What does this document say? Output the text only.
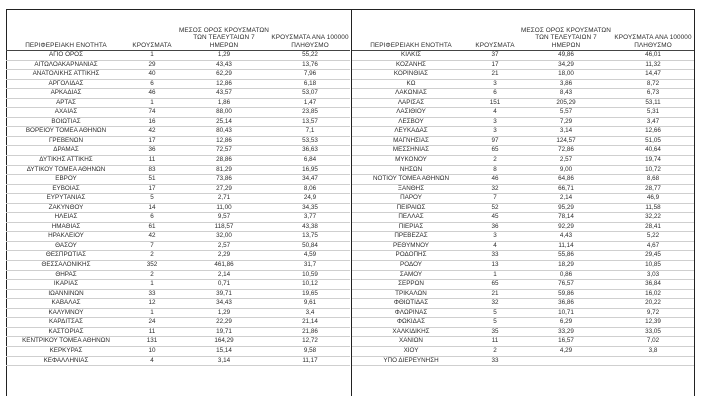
ΠΕΡΙΦΕΡΕΙΑΚΗ ΕΝΟΤΗΤΑ	ΚΡΟΥΣΜΑΤΑ
ΜΕΣΟΣ ΟΡΟΣ ΚΡΟΥΣΜΑΤΩΝ
ΤΩΝ ΤΕΛΕΥΤΑΙΩΝ 7
ΗΜΕΡΩΝ
ΚΡΟΥΣΜΑΤΑ ΑΝΑ 100000
ΠΛΗΘΥΣΜΟ
ΑΓΙΟ ΟΡΟΣ	1	1,29	55,22
ΑΙΤΩΛΟΑΚΑΡΝΑΝΙΑΣ	29	43,43	13,76
ΑΝΑΤΟΛΙΚΗΣ ΑΤΤΙΚΗΣ	40	62,29	7,96
ΑΡΓΟΛΙΔΑΣ	6	12,86	6,18
ΑΡΚΑΔΙΑΣ	46	43,57	53,07
ΑΡΤΑΣ	1	1,86	1,47
ΑΧΑΪΑΣ	74	88,00	23,85
ΒΟΙΩΤΙΑΣ	16	25,14	13,57
ΒΟΡΕΙΟΥ ΤΟΜΕΑ ΑΘΗΝΩΝ	42	80,43	7,1
ΓΡΕΒΕΝΩΝ	17	12,86	53,53
ΔΡΑΜΑΣ	36	72,57	36,63
ΔΥΤΙΚΗΣ ΑΤΤΙΚΗΣ	11	28,86	6,84
ΔΥΤΙΚΟΥ ΤΟΜΕΑ ΑΘΗΝΩΝ	83	81,29	16,95
ΕΒΡΟΥ	51	73,86	34,47
ΕΥΒΟΙΑΣ	17	27,29	8,06
ΕΥΡΥΤΑΝΙΑΣ	5	2,71	24,9
ΖΑΚΥΝΘΟΥ	14	11,00	34,35
ΗΛΕΙΑΣ	6	9,57	3,77
ΗΜΑΘΙΑΣ	61	118,57	43,38
ΗΡΑΚΛΕΙΟΥ	42	32,00	13,75
ΘΑΣΟΥ	7	2,57	50,84
ΘΕΣΠΡΩΤΙΑΣ	2	2,29	4,59
ΘΕΣΣΑΛΟΝΙΚΗΣ	352	461,86	31,7
ΘΗΡΑΣ	2	2,14	10,59
ΙΚΑΡΙΑΣ	1	0,71	10,12
ΙΩΑΝΝΙΝΩΝ	33	39,71	19,65
ΚΑΒΑΛΑΣ	12	34,43	9,61
ΚΑΛΥΜΝΟΥ	1	1,29	3,4
ΚΑΡΔΙΤΣΑΣ	24	22,29	21,14
ΚΑΣΤΟΡΙΑΣ	11	19,71	21,86
ΚΕΝΤΡΙΚΟΥ ΤΟΜΕΑ ΑΘΗΝΩΝ	131	164,29	12,72
ΚΕΡΚΥΡΑΣ	10	15,14	9,58
ΚΕΦΑΛΛΗΝΙΑΣ	4	3,14	11,17
ΠΕΡΙΦΕΡΕΙΑΚΗ ΕΝΟΤΗΤΑ	ΚΡΟΥΣΜΑΤΑ
ΜΕΣΟΣ ΟΡΟΣ ΚΡΟΥΣΜΑΤΩΝ
ΤΩΝ ΤΕΛΕΥΤΑΙΩΝ 7
ΗΜΕΡΩΝ
ΚΡΟΥΣΜΑΤΑ ΑΝΑ 100000
ΠΛΗΘΥΣΜΟ
ΚΙΛΚΙΣ	37	49,86	46,01
ΚΟΖΑΝΗΣ	17	34,29	11,32
ΚΟΡΙΝΘΙΑΣ	21	18,00	14,47
ΚΩ	3	3,86	8,72
ΛΑΚΩΝΙΑΣ	6	8,43	6,73
ΛΑΡΙΣΑΣ	151	205,29	53,11
ΛΑΣΙΘΙΟΥ	4	5,57	5,31
ΛΕΣΒΟΥ	3	7,29	3,47
ΛΕΥΚΑΔΑΣ	3	3,14	12,66
ΜΑΓΝΗΣΙΑΣ	97	124,57	51,05
ΜΕΣΣΗΝΙΑΣ	65	72,86	40,64
ΜΥΚΟΝΟΥ	2	2,57	19,74
ΝΗΣΩΝ	8	9,00	10,72
ΝΟΤΙΟΥ ΤΟΜΕΑ ΑΘΗΝΩΝ	46	64,86	8,68
ΞΑΝΘΗΣ	32	66,71	28,77
ΠΑΡΟΥ	7	2,14	46,9
ΠΕΙΡΑΙΩΣ	52	95,29	11,58
ΠΕΛΛΑΣ	45	78,14	32,22
ΠΙΕΡΙΑΣ	36	92,29	28,41
ΠΡΕΒΕΖΑΣ	3	4,43	5,22
ΡΕΘΥΜΝΟΥ	4	11,14	4,67
ΡΟΔΟΠΗΣ	33	55,86	29,45
ΡΟΔΟΥ	13	18,29	10,85
ΣΑΜΟΥ	1	0,86	3,03
ΣΕΡΡΩΝ	65	76,57	36,84
ΤΡΙΚΑΛΩΝ	21	59,86	16,02
ΦΘΙΩΤΙΔΑΣ	32	36,86	20,22
ΦΛΩΡΙΝΑΣ	5	10,71	9,72
ΦΩΚΙΔΑΣ	5	6,29	12,39
ΧΑΛΚΙΔΙΚΗΣ	35	33,29	33,05
ΧΑΝΙΩΝ	11	16,57	7,02
ΧΙΟΥ	2	4,29	3,8
ΥΠΟ ΔΙΕΡΕΥΝΗΣΗ	33
